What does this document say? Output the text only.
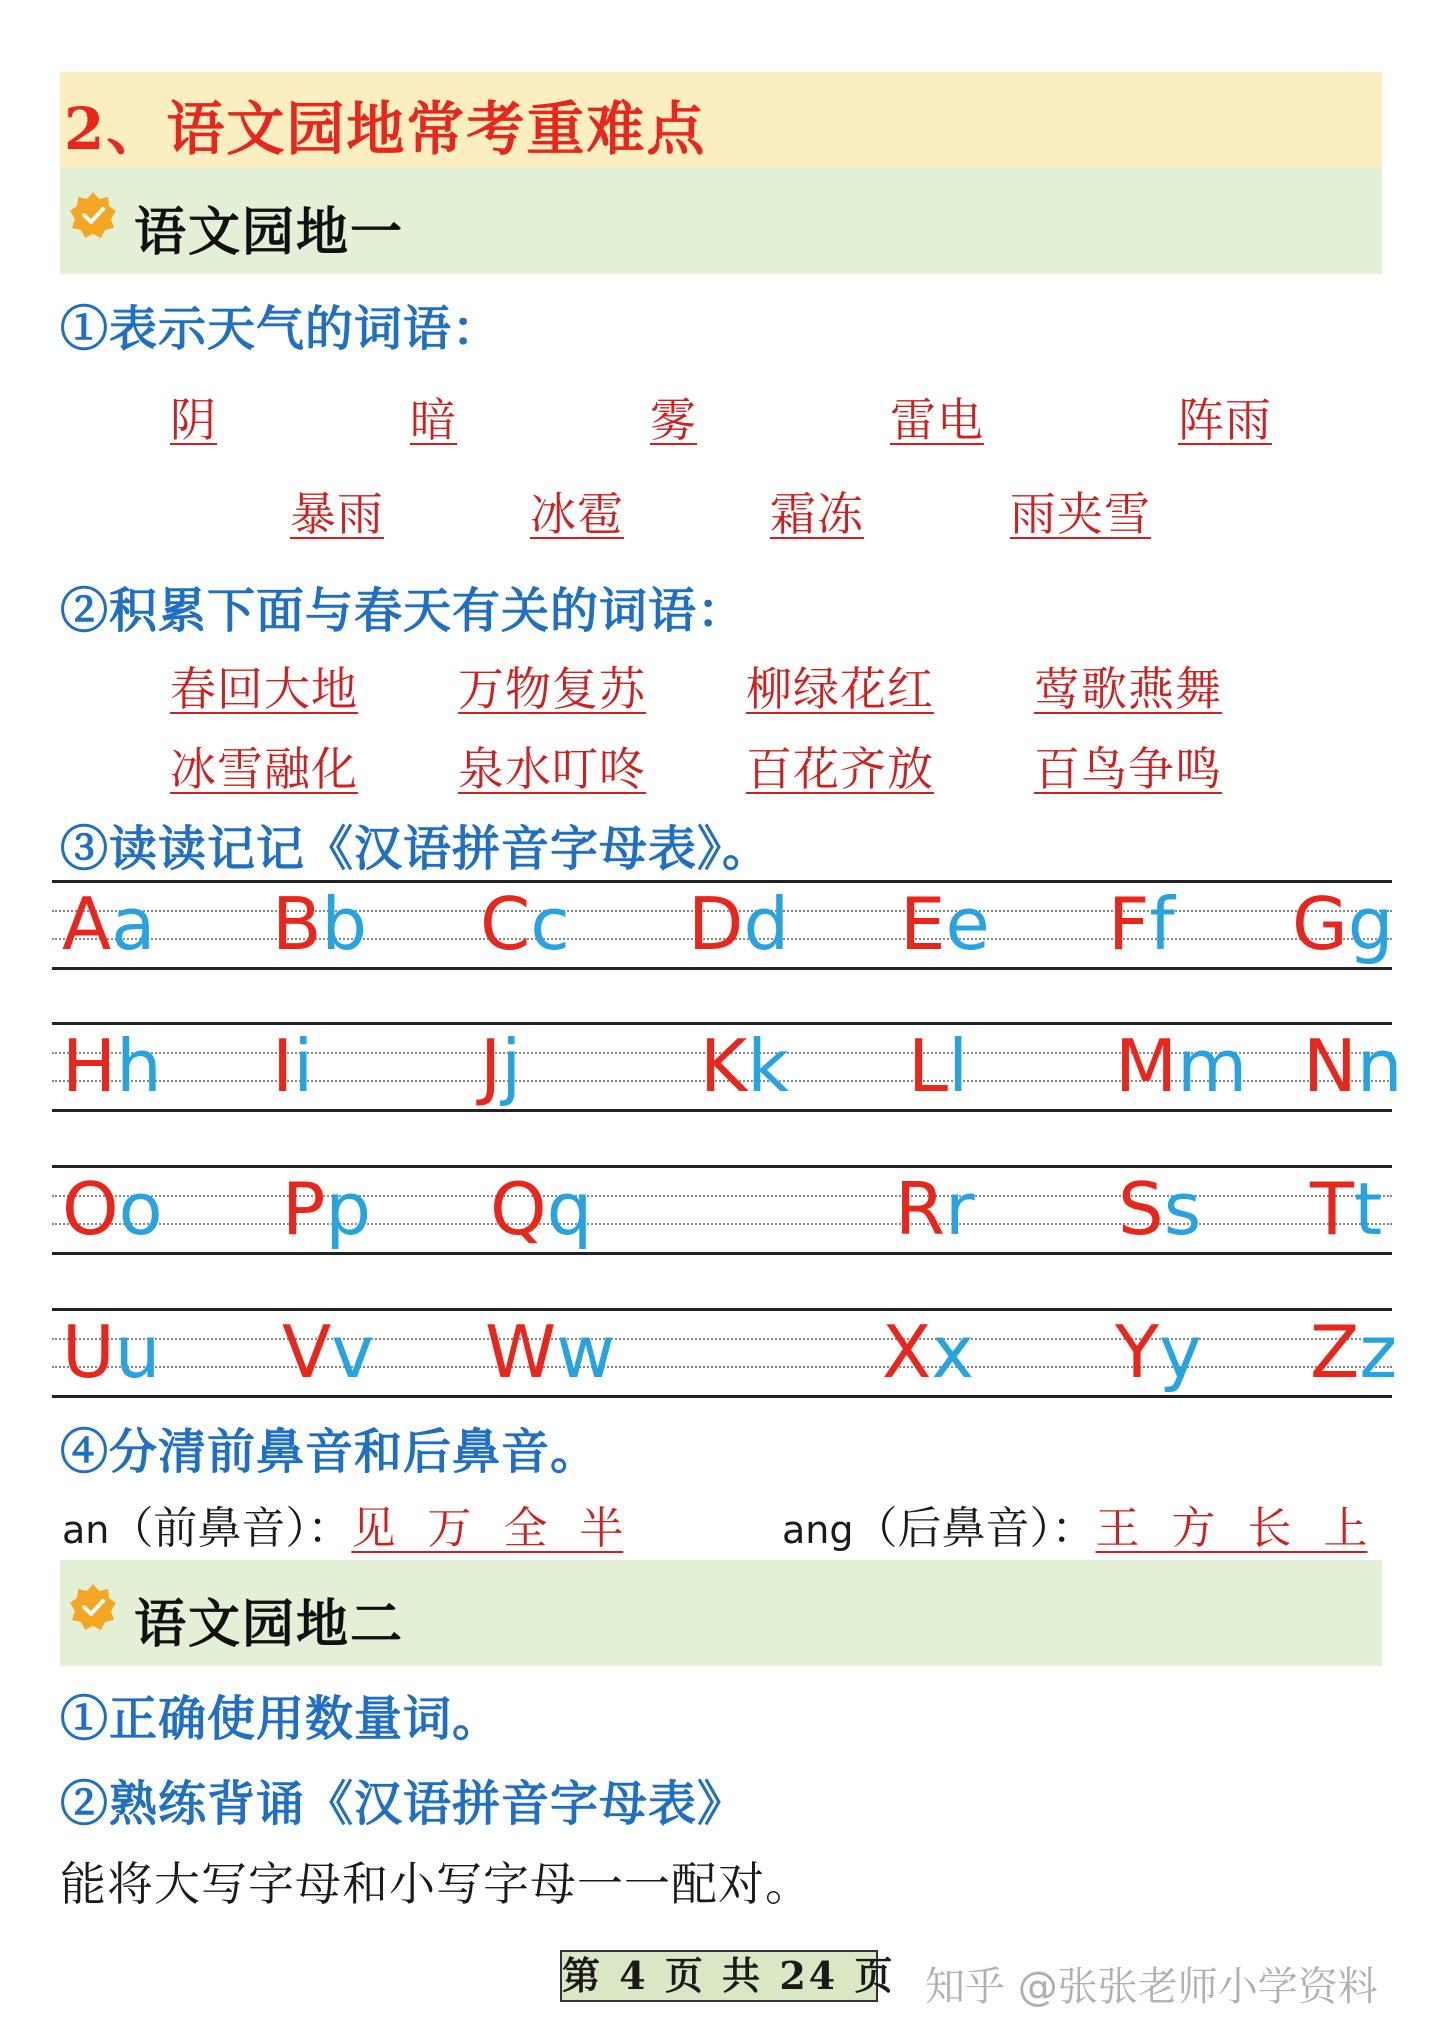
2、语文园地常考重难点
语文园地一
①表示天气的词语：
阴	暗	雾	雷电	阵雨
暴雨	冰雹	霜冻	雨夹雪
②积累下面与春天有关的词语：
春回大地 万物复苏 柳绿花红 莺歌燕舞
冰雪融化 泉水叮咚 百花齐放 百鸟争鸣
③读读记记《汉语拼音字母表》。
Aa Bb Cc Dd Ee Ff Gg
Hh Ii Jj Kk Ll Mm Nn
Oo Pp Qq	Rr Ss Tt
Uu Vv Ww	Xx Yy Zz
④分清前鼻音和后鼻音。
an（前鼻音）：见 万 全 半	ang（后鼻音）：王 方 长 上
语文园地二
①正确使用数量词。
②熟练背诵《汉语拼音字母表》
能将大写字母和小写字母一一配对。
第 4 页 共 24 页 知乎 @张张老师小学资料
